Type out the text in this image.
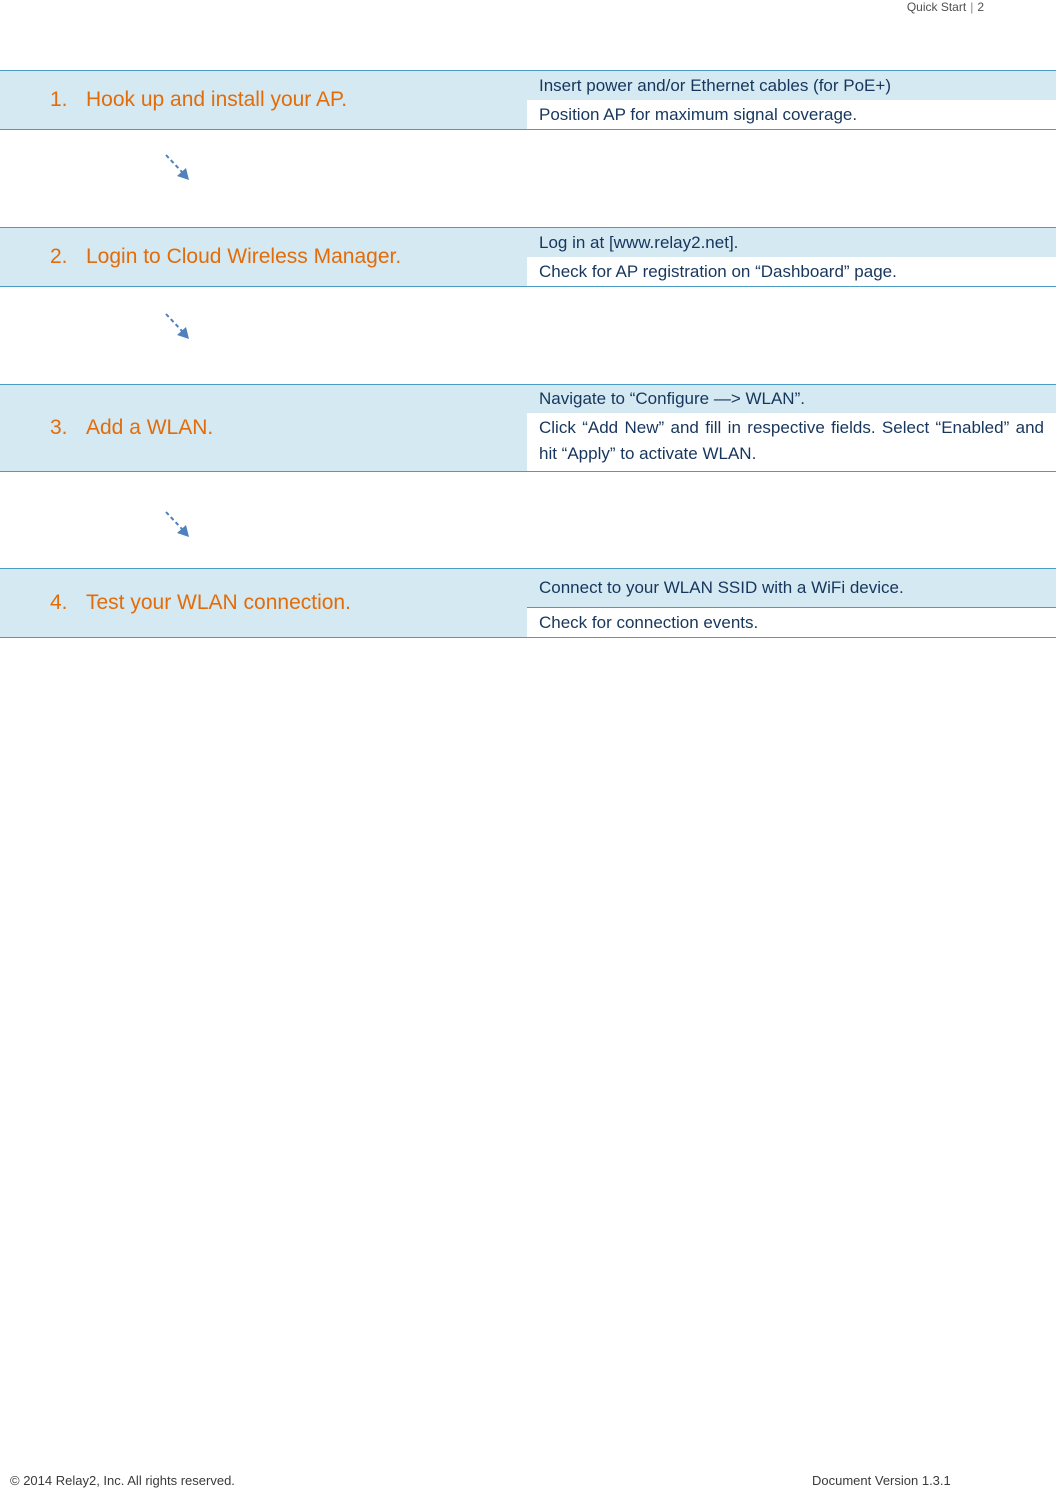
Quick Start | 2
1. Hook up and install your AP.
Insert power and/or Ethernet cables (for PoE+)
Position AP for maximum signal coverage.
2. Login to Cloud Wireless Manager.
Log in at [www.relay2.net].
Check for AP registration on “Dashboard” page.
3. Add a WLAN.
Navigate to “Configure —> WLAN”.
Click “Add New” and fill in respective fields. Select “Enabled” and hit “Apply” to activate WLAN.
4. Test your WLAN connection.
Connect to your WLAN SSID with a WiFi device.
Check for connection events.
© 2014 Relay2, Inc. All rights reserved.	Document Version 1.3.1
